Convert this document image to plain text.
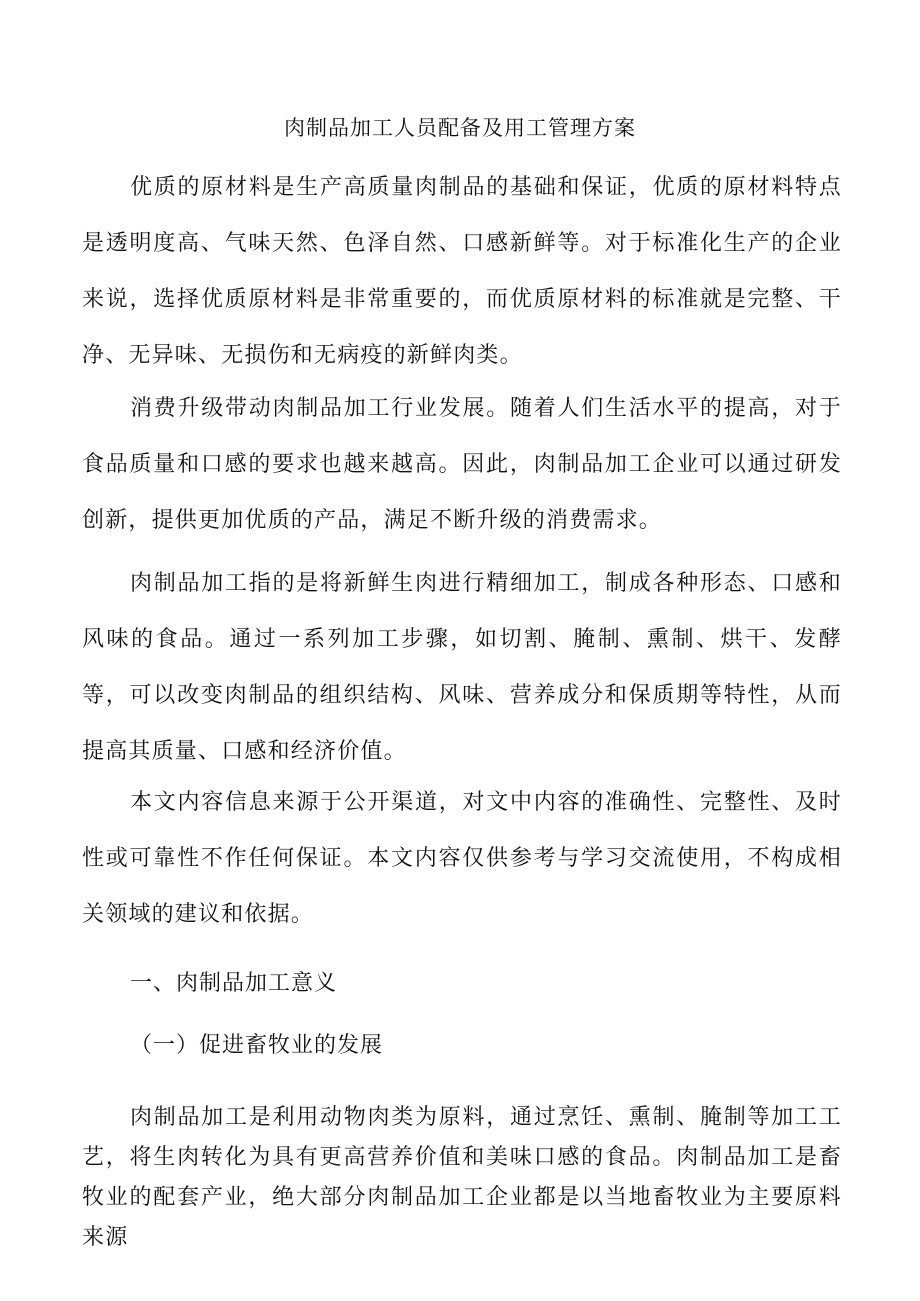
肉制品加工人员配备及用工管理方案

优质的原材料是生产高质量肉制品的基础和保证，优质的原材料特点是透明度高、气味天然、色泽自然、口感新鲜等。对于标准化生产的企业来说，选择优质原材料是非常重要的，而优质原材料的标准就是完整、干净、无异味、无损伤和无病疫的新鲜肉类。

消费升级带动肉制品加工行业发展。随着人们生活水平的提高，对于食品质量和口感的要求也越来越高。因此，肉制品加工企业可以通过研发创新，提供更加优质的产品，满足不断升级的消费需求。

肉制品加工指的是将新鲜生肉进行精细加工，制成各种形态、口感和风味的食品。通过一系列加工步骤，如切割、腌制、熏制、烘干、发酵等，可以改变肉制品的组织结构、风味、营养成分和保质期等特性，从而提高其质量、口感和经济价值。

本文内容信息来源于公开渠道，对文中内容的准确性、完整性、及时性或可靠性不作任何保证。本文内容仅供参考与学习交流使用，不构成相关领域的建议和依据。

一、肉制品加工意义
（一）促进畜牧业的发展

肉制品加工是利用动物肉类为原料，通过烹饪、熏制、腌制等加工工艺，将生肉转化为具有更高营养价值和美味口感的食品。肉制品加工是畜牧业的配套产业，绝大部分肉制品加工企业都是以当地畜牧业为主要原料来源
